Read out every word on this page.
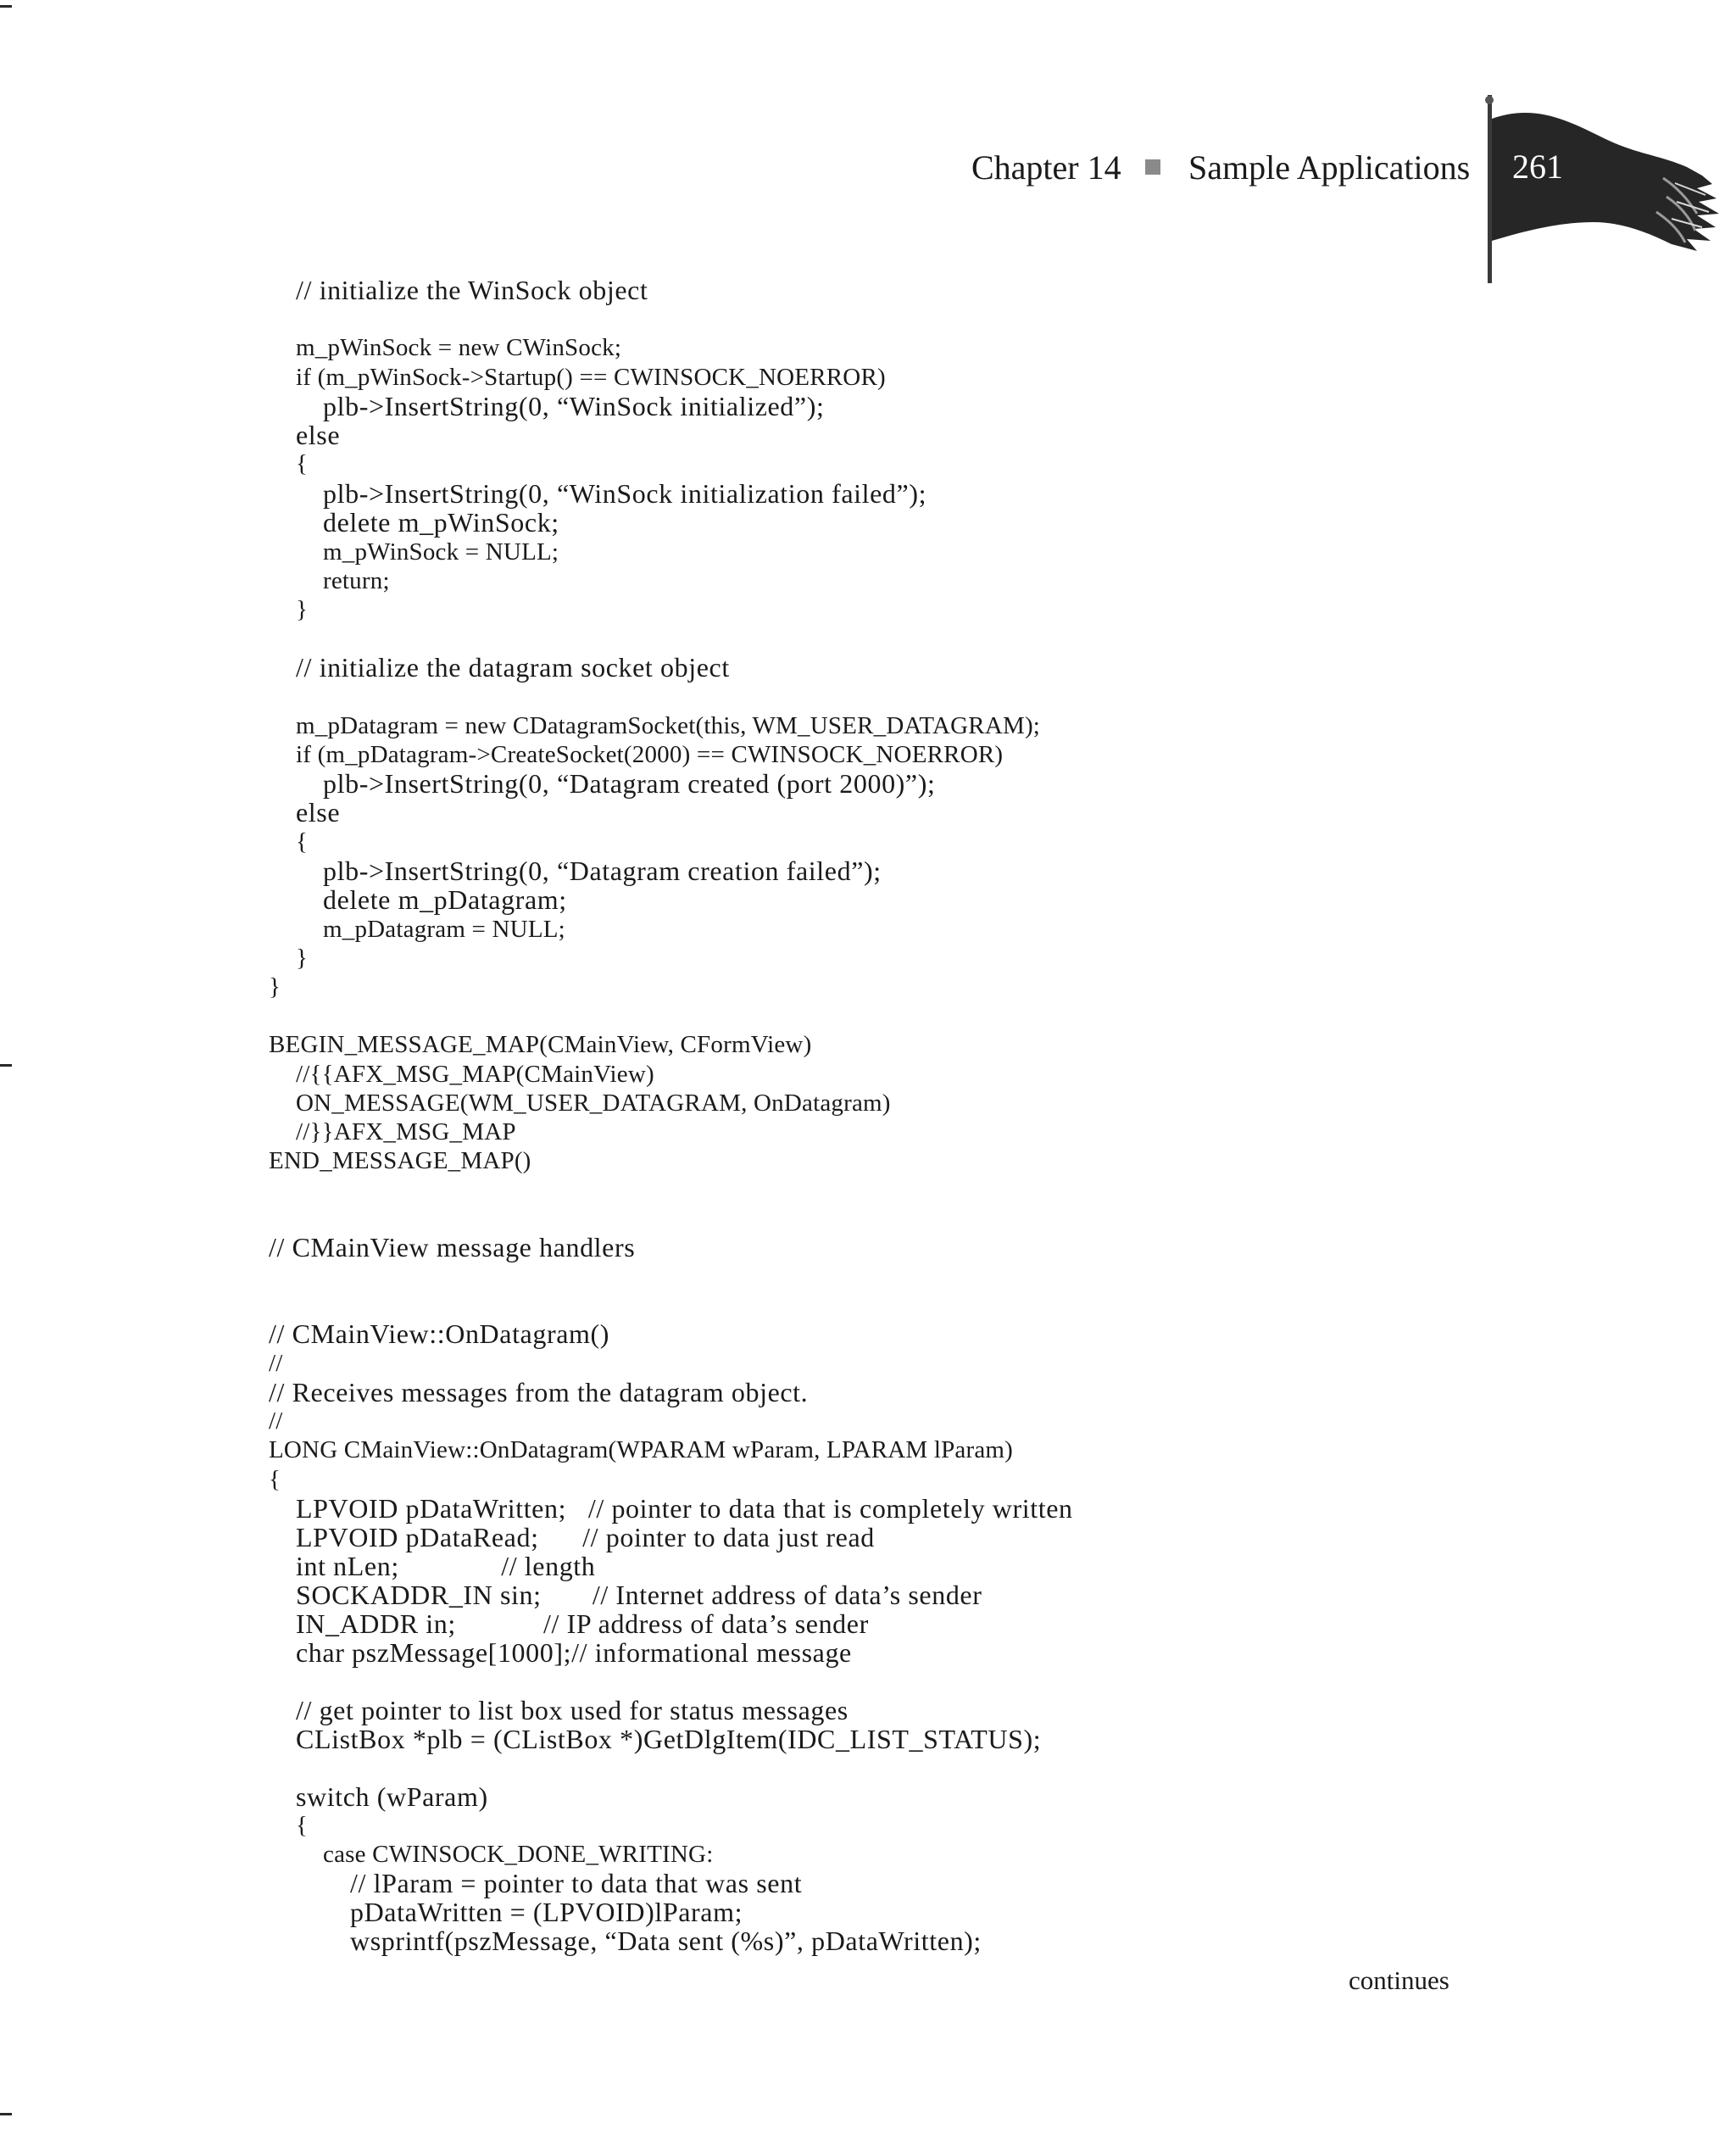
Chapter 14 Sample Applications 261
// initialize the WinSock object
m_pWinSock = new CWinSock;
if (m_pWinSock->Startup() == CWINSOCK_NOERROR)
plb->InsertString(0, “WinSock initialized”);
else
{
plb->InsertString(0, “WinSock initialization failed”);
delete m_pWinSock;
m_pWinSock = NULL;
return;
}
// initialize the datagram socket object
m_pDatagram = new CDatagramSocket(this, WM_USER_DATAGRAM);
if (m_pDatagram->CreateSocket(2000) == CWINSOCK_NOERROR)
plb->InsertString(0, “Datagram created (port 2000)”);
else
{
plb->InsertString(0, “Datagram creation failed”);
delete m_pDatagram;
m_pDatagram = NULL;
}
}
BEGIN_MESSAGE_MAP(CMainView, CFormView)
//{{AFX_MSG_MAP(CMainView)
ON_MESSAGE(WM_USER_DATAGRAM, OnDatagram)
//}}AFX_MSG_MAP
END_MESSAGE_MAP()
// CMainView message handlers
// CMainView::OnDatagram()
//
// Receives messages from the datagram object.
//
LONG CMainView::OnDatagram(WPARAM wParam, LPARAM lParam)
{
LPVOID pDataWritten;   // pointer to data that is completely written
LPVOID pDataRead;      // pointer to data just read
int nLen;              // length
SOCKADDR_IN sin;       // Internet address of data’s sender
IN_ADDR in;            // IP address of data’s sender
char pszMessage[1000];// informational message
// get pointer to list box used for status messages
CListBox *plb = (CListBox *)GetDlgItem(IDC_LIST_STATUS);
switch (wParam)
{
case CWINSOCK_DONE_WRITING:
// lParam = pointer to data that was sent
pDataWritten = (LPVOID)lParam;
wsprintf(pszMessage, “Data sent (%s)”, pDataWritten);
continues
